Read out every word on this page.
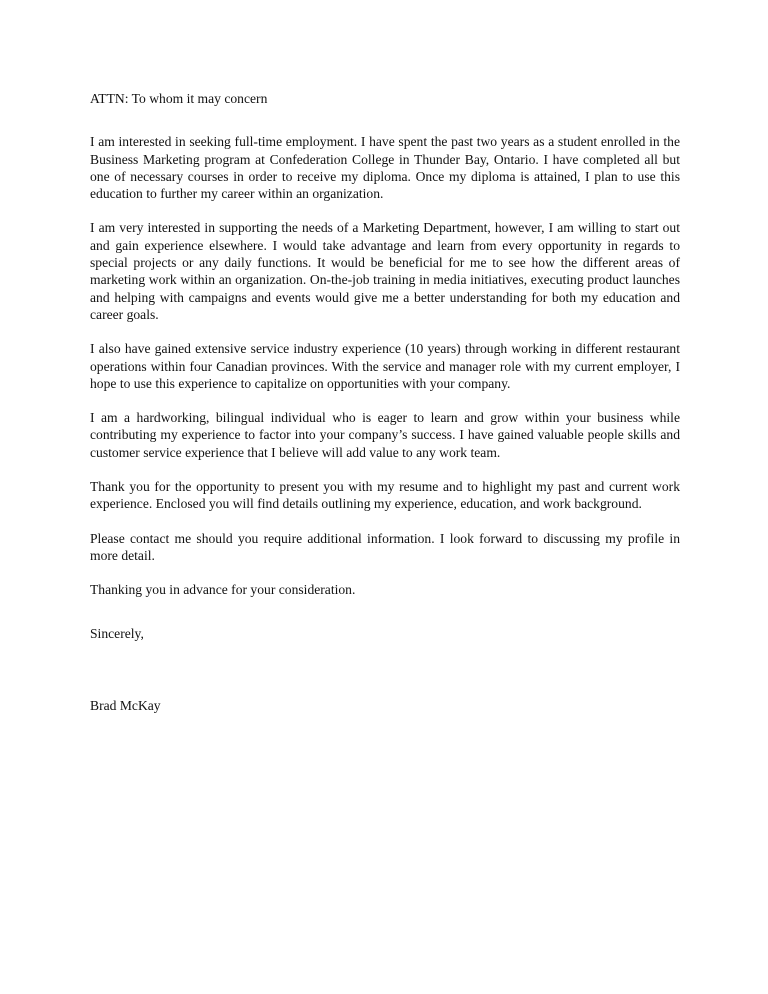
ATTN: To whom it may concern

I am interested in seeking full-time employment. I have spent the past two years as a student enrolled in the Business Marketing program at Confederation College in Thunder Bay, Ontario. I have completed all but one of necessary courses in order to receive my diploma. Once my diploma is attained, I plan to use this education to further my career within an organization.

I am very interested in supporting the needs of a Marketing Department, however, I am willing to start out and gain experience elsewhere. I would take advantage and learn from every opportunity in regards to special projects or any daily functions. It would be beneficial for me to see how the different areas of marketing work within an organization. On-the-job training in media initiatives, executing product launches and helping with campaigns and events would give me a better understanding for both my education and career goals.

I also have gained extensive service industry experience (10 years) through working in different restaurant operations within four Canadian provinces. With the service and manager role with my current employer, I hope to use this experience to capitalize on opportunities with your company.

I am a hardworking, bilingual individual who is eager to learn and grow within your business while contributing my experience to factor into your company’s success. I have gained valuable people skills and customer service experience that I believe will add value to any work team.

Thank you for the opportunity to present you with my resume and to highlight my past and current work experience. Enclosed you will find details outlining my experience, education, and work background.

Please contact me should you require additional information. I look forward to discussing my profile in more detail.

Thanking you in advance for your consideration.

Sincerely,

Brad McKay
